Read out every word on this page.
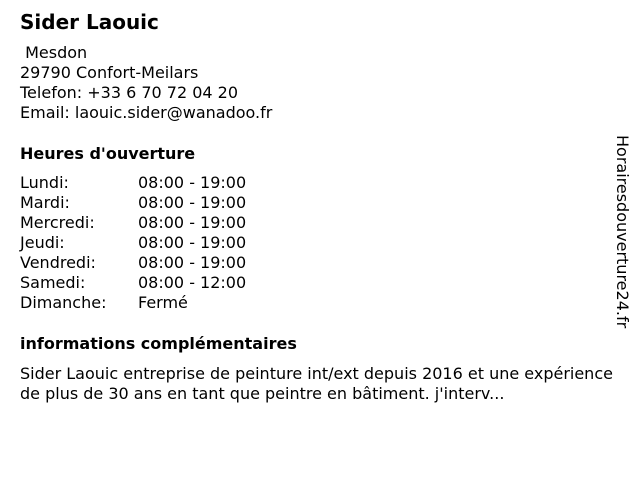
Sider Laouic
Mesdon
29790 Confort-Meilars
Telefon: +33 6 70 72 04 20
Email: laouic.sider@wanadoo.fr
Heures d'ouverture
Lundi:	08:00 - 19:00
Mardi:	08:00 - 19:00
Mercredi:	08:00 - 19:00
Jeudi:	08:00 - 19:00
Vendredi:	08:00 - 19:00
Samedi:	08:00 - 12:00
Dimanche:	Fermé
informations complémentaires
Sider Laouic entreprise de peinture int/ext depuis 2016 et une expérience de plus de 30 ans en tant que peintre en bâtiment. j'interv...
Horairesdouverture24.fr
